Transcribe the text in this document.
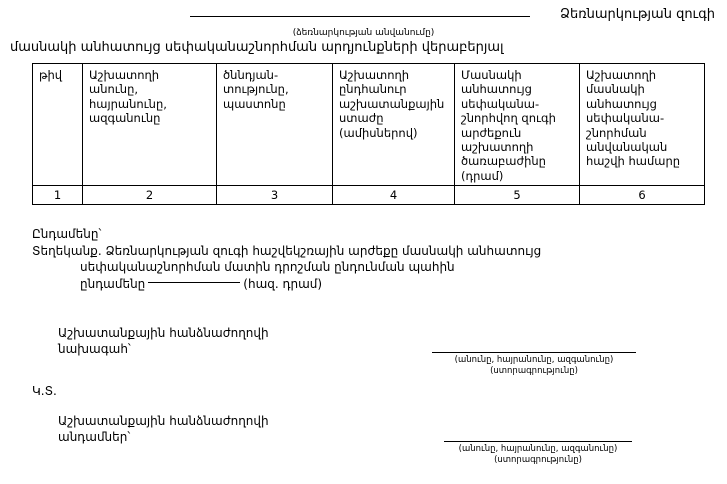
Ձեռնարկության զուգի
(ձեռնարկության անվանումը)
մասնակի անհատույց սեփականաշնորհման արդյունքների վերաբերյալ
թիվ	Աշխատողի անունը, հայրանունը, ազգանունը	ծննդյան-տությունը, պաստոնը	Աշխատողի ընդհանուր աշխատանքային ստաժը (ամիսներով)	Մասնակի անհատույց սեփականա-շնորհվող զուգի արժեքուն աշխատողի ծառաբաժինը (դրամ)	Աշխատողի մասնակի անհատույց սեփականա-շնորհման անվանական հաշվի համարը
1	2	3	4	5	6
Ընդամենը՝
Տեղեկանք. Ձեռնարկության զուգի հաշվեկշռային արժեքը մասնակի անհատույց
սեփականաշնորհման մատին դրոշման ընդունման պահին
ընդամենը	(հազ. դրամ)
Աշխատանքային հանձնաժողովի
նախագահ՝
(անունը, հայրանունը, ազգանունը)
(ստորագրությունը)
Կ.Տ.
Աշխատանքային հանձնաժողովի
անդամներ՝
(անունը, հայրանունը, ազգանունը)
(ստորագրությունը)
